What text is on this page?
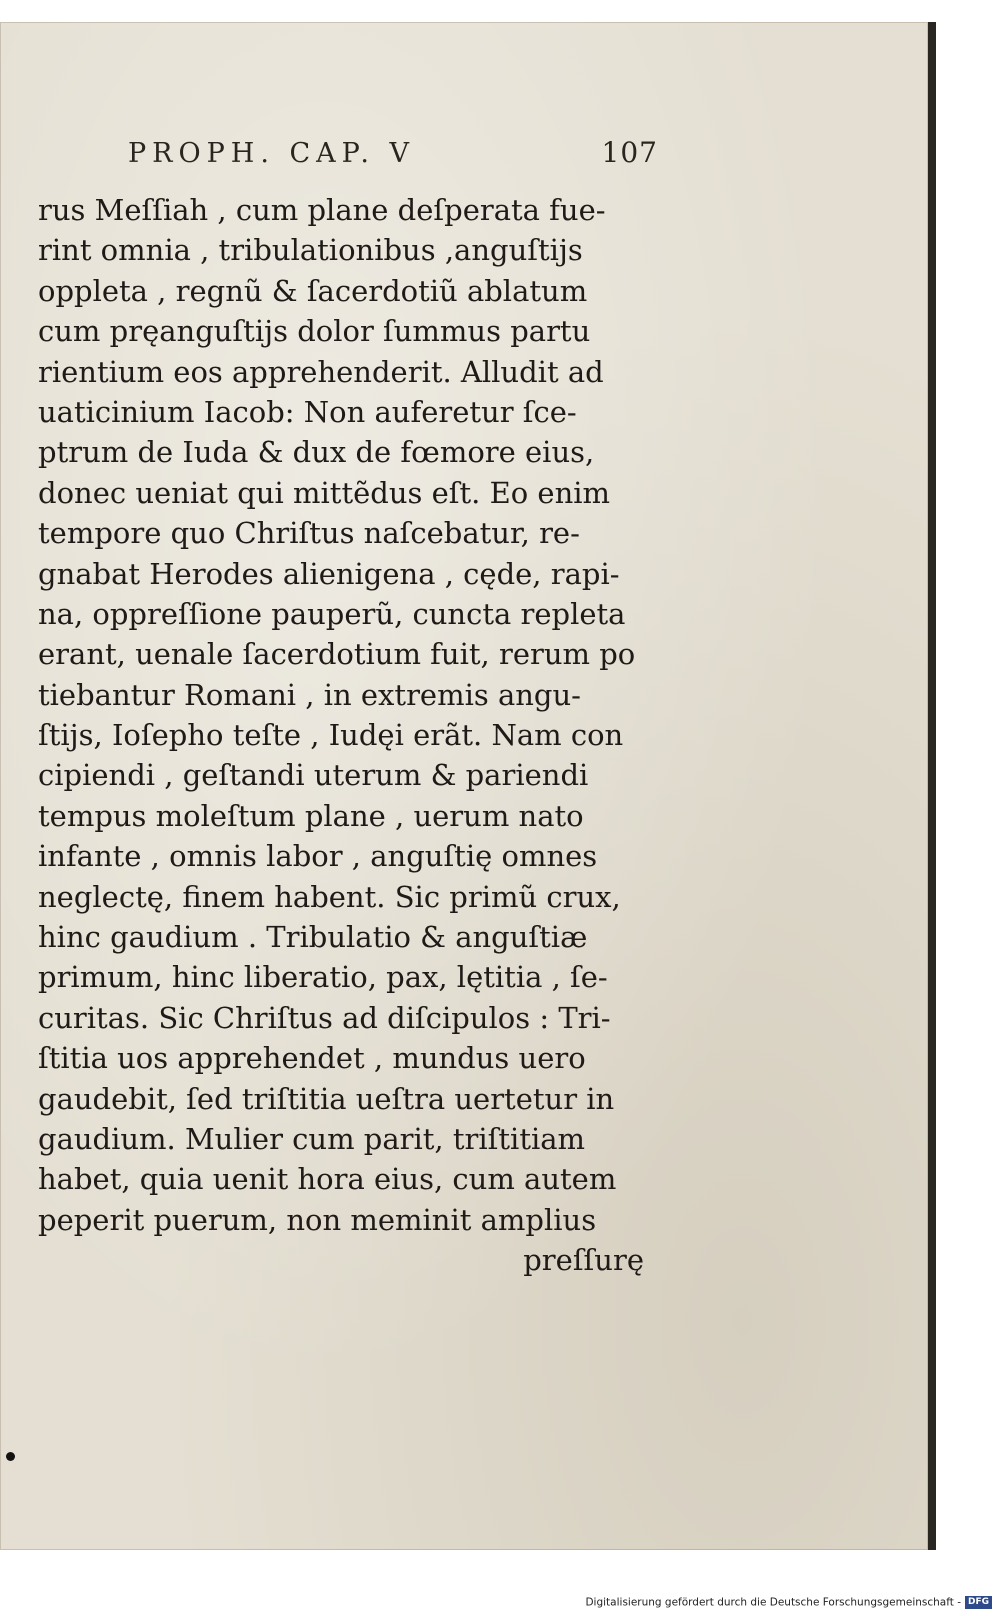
PROPH. CAP. V	107
rus Meſſiah , cum plane deſperata fue-
rint omnia , tribulationibus ,anguſtijs
oppleta , regnũ & ſacerdotiũ ablatum
cum pręanguſtijs dolor ſummus partu
rientium eos apprehenderit. Alludit ad
uaticinium Iacob: Non auferetur ſce-
ptrum de Iuda & dux de fœmore eius,
donec ueniat qui mittẽdus eſt. Eo enim
tempore quo Chriſtus naſcebatur, re-
gnabat Herodes alienigena , cęde, rapi-
na, oppreſſione pauperũ, cuncta repleta
erant, uenale ſacerdotium fuit, rerum po
tiebantur Romani , in extremis angu-
ſtijs, Ioſepho teſte , Iudęi erãt. Nam con
cipiendi , geſtandi uterum & pariendi
tempus moleſtum plane , uerum nato
infante , omnis labor , anguſtię omnes
neglectę, finem habent. Sic primũ crux,
hinc gaudium . Tribulatio & anguſtiæ
primum, hinc liberatio, pax, lętitia , ſe-
curitas. Sic Chriſtus ad diſcipulos : Tri-
ſtitia uos apprehendet , mundus uero
gaudebit, ſed triſtitia ueſtra uertetur in
gaudium. Mulier cum parit, triſtitiam
habet, quia uenit hora eius, cum autem
peperit puerum, non meminit amplius
preſſurę
Digitalisierung gefördert durch die Deutsche Forschungsgemeinschaft - DFG
